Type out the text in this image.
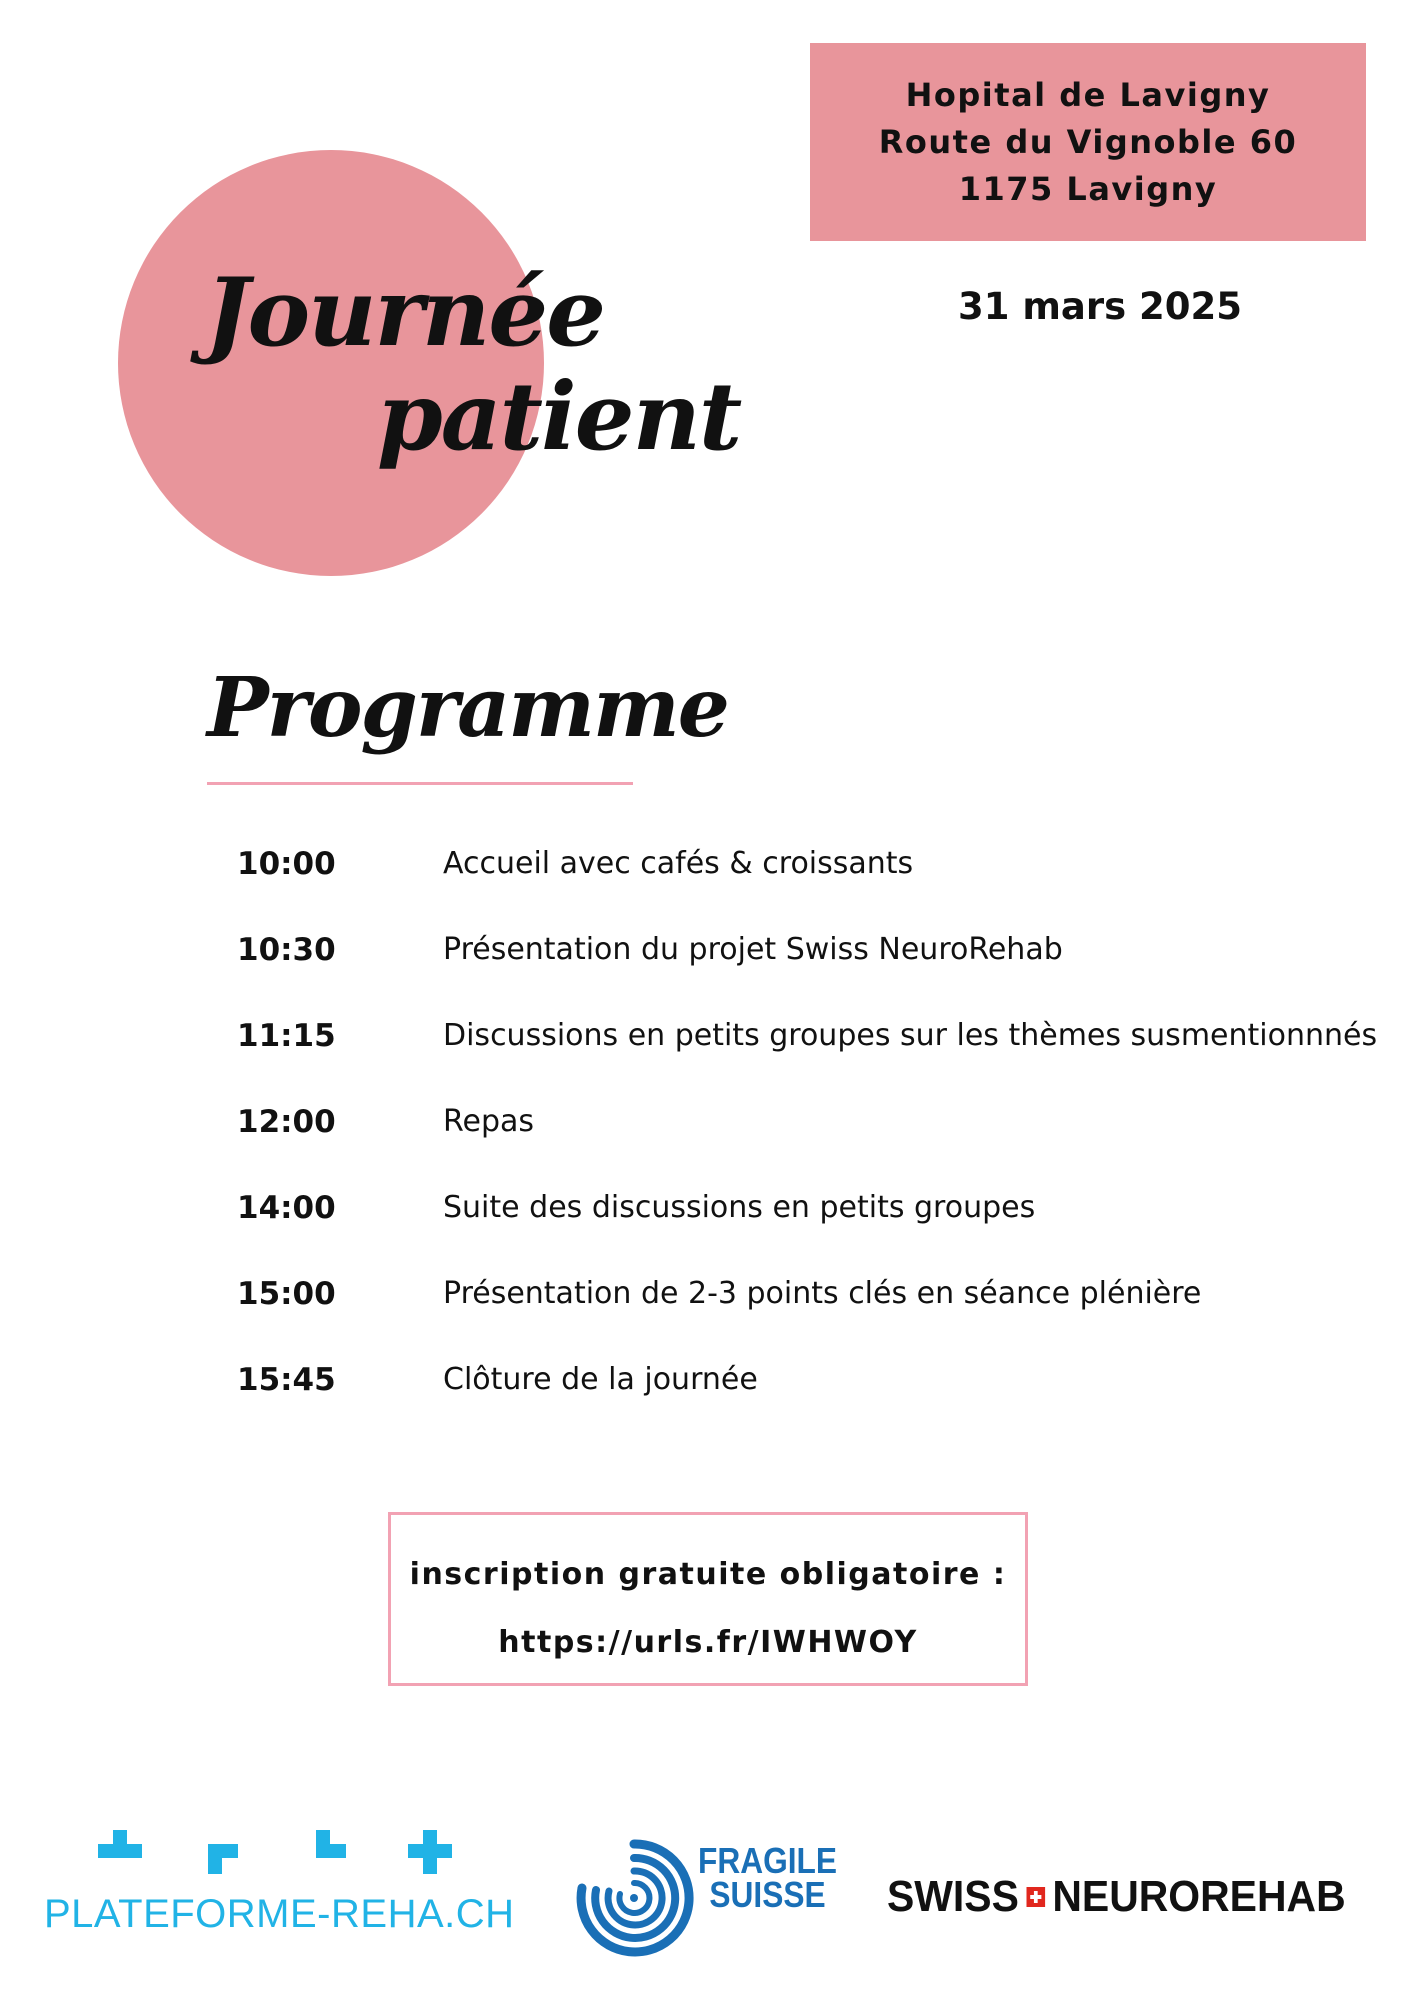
Hopital de Lavigny
Route du Vignoble 60
1175 Lavigny
31 mars 2025
Journée
patient
Programme
10:00	Accueil avec cafés & croissants
10:30	Présentation du projet Swiss NeuroRehab
11:15	Discussions en petits groupes sur les thèmes susmentionnnés
12:00	Repas
14:00	Suite des discussions en petits groupes
15:00	Présentation de 2-3 points clés en séance plénière
15:45	Clôture de la journée
inscription gratuite obligatoire :
https://urls.fr/IWHWOY
PLATEFORME-REHA.CH
FRAGILE
SUISSE SWISS NEUROREHAB
